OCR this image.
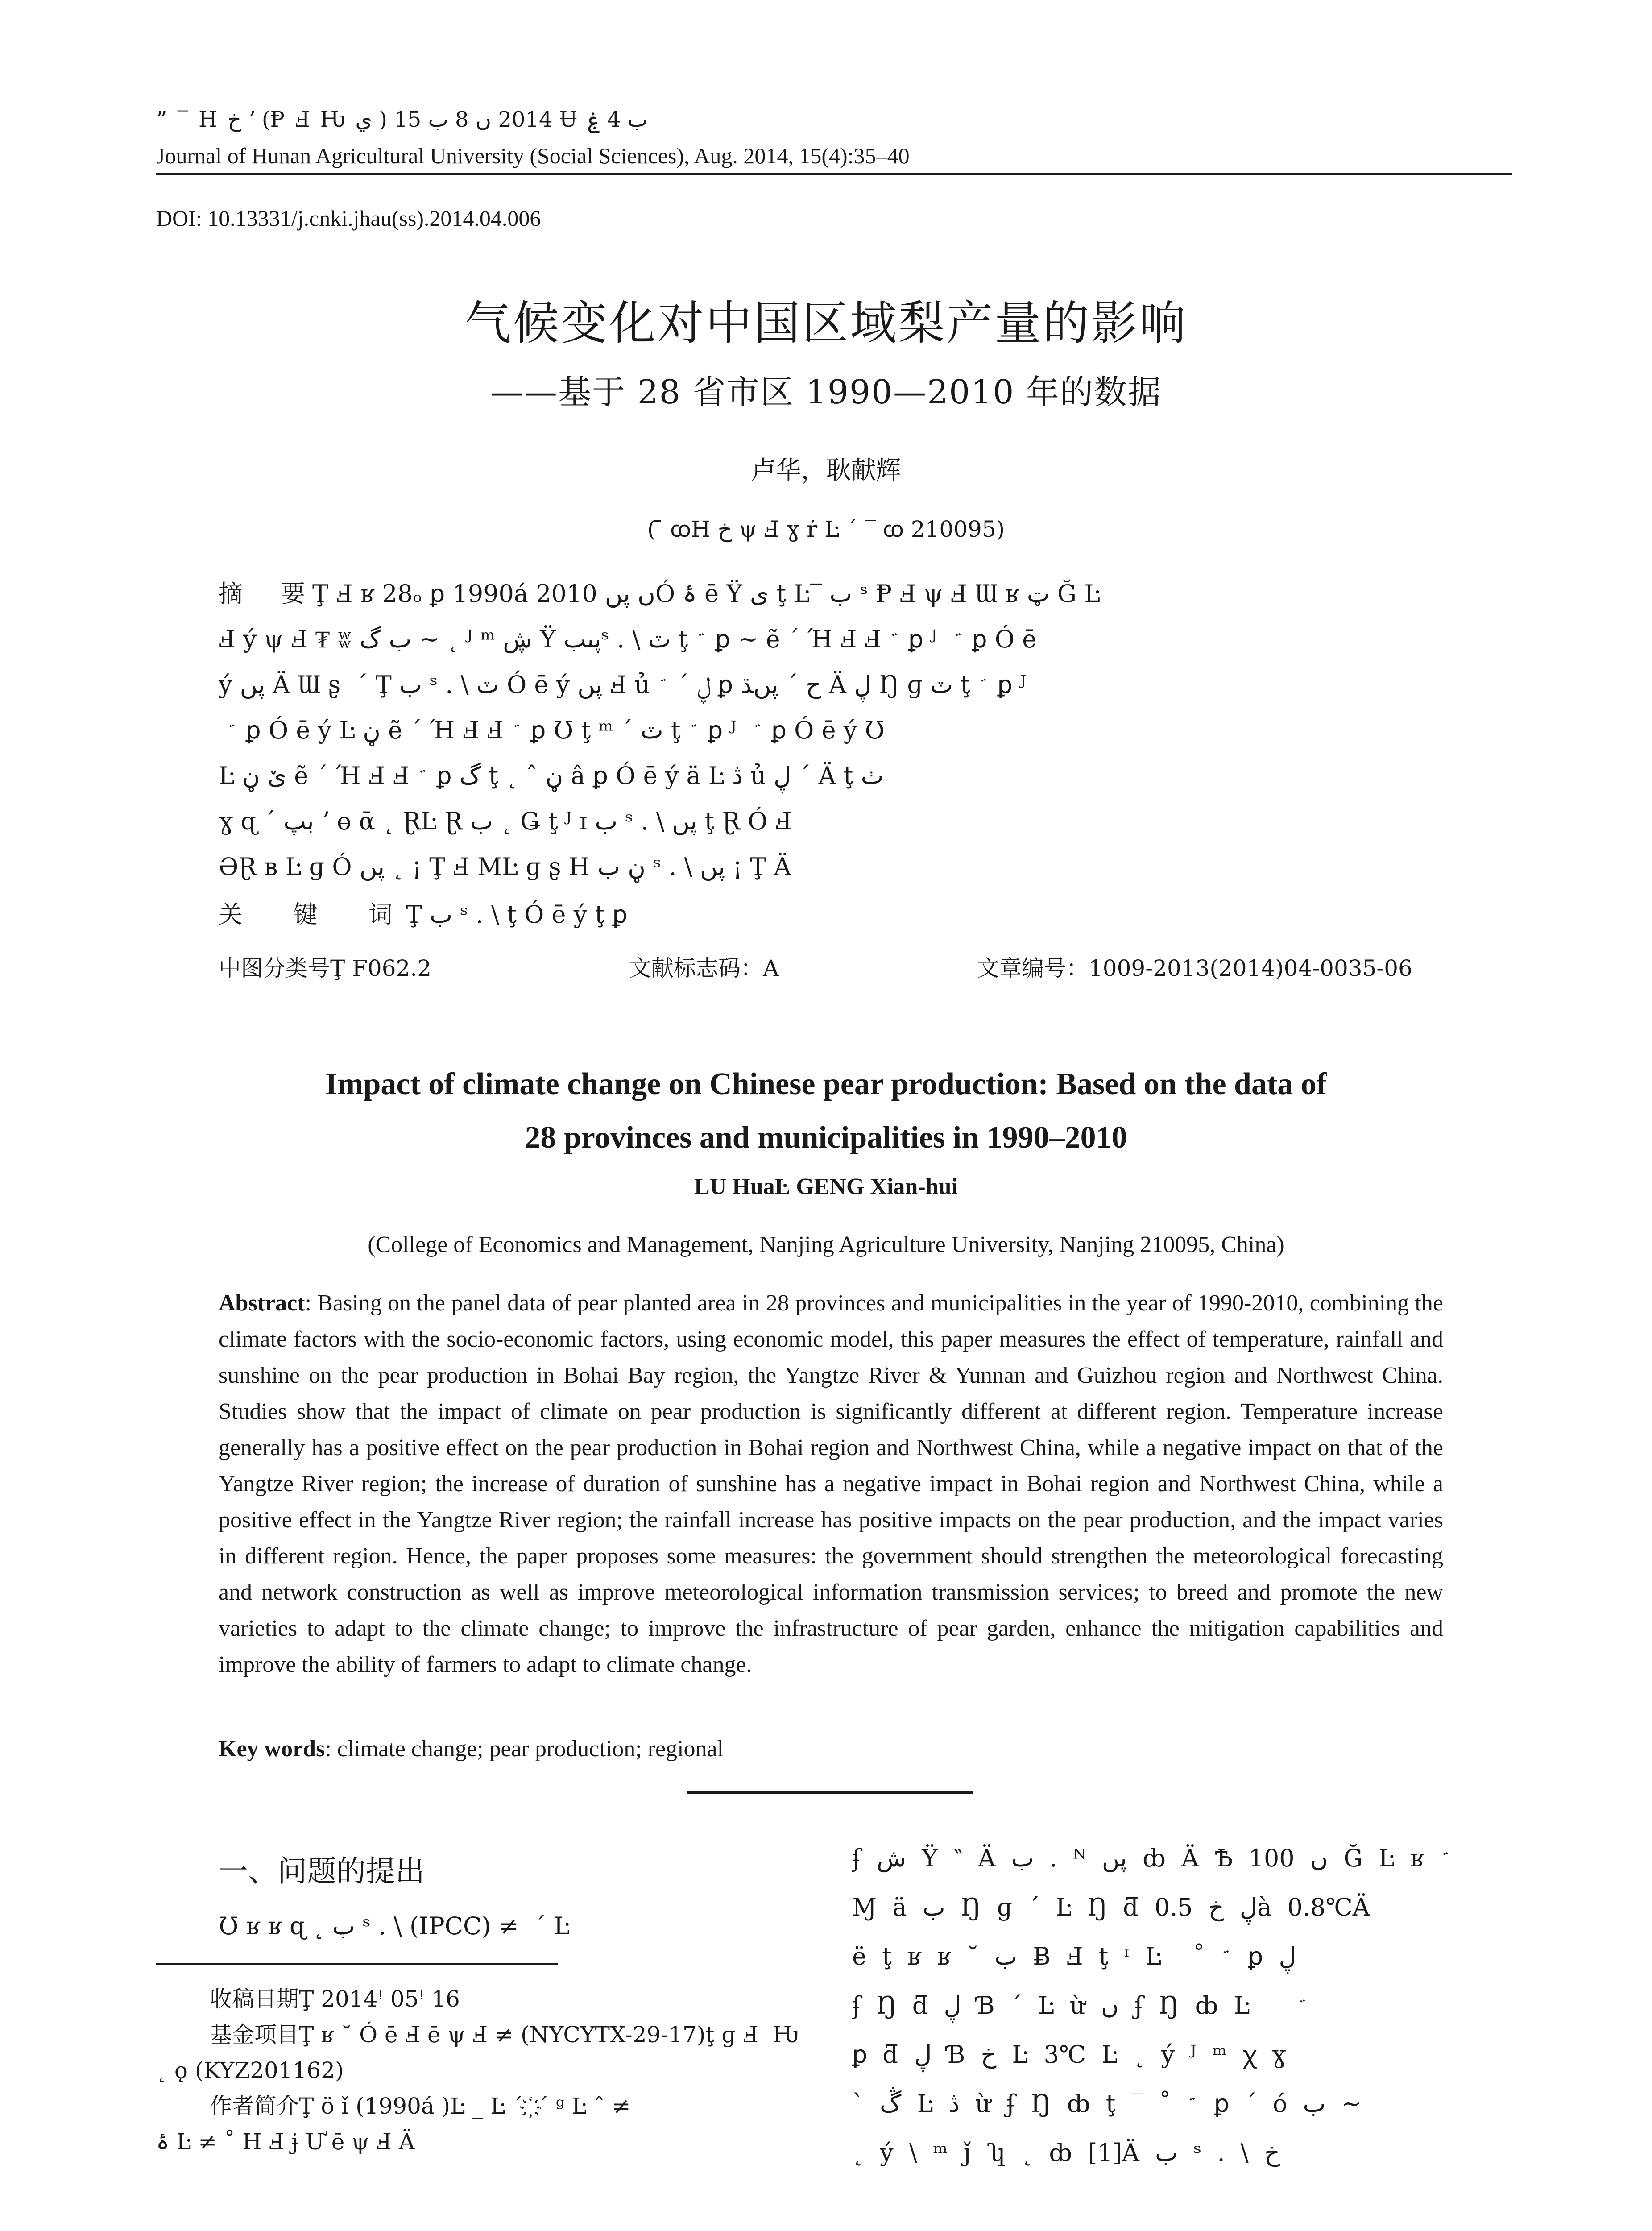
” ‾ H خ ʼ (Ᵽ Ⅎ Ƕ ي ) 2014 ں 8 ب 15 Ʉ ب 4 ۼ
Journal of Hunan Agricultural University (Social Sciences), Aug. 2014, 15(4):35–40
DOI: 10.13331/j.cnki.jhau(ss).2014.04.006
气候变化对中国区域梨产量的影响
——基于 28 省市区 1990—2010 年的数据
卢华，耿献辉
( ̄ ꭃH خ ψ Ⅎ ɣ ṙ Ŀ ˊ ‾ ꭃ 210095)
摘　要Ţ Ⅎ ʁ 28ₒ ꝑ 1990á 2010 ں پںÓ ۂ ē Ÿ ی ţ Ŀ‾ ب ˢ Ᵽ Ⅎ ψ Ⅎ Ɯ ʁ ټ Ğ Ŀ
Ⅎ ý ψ Ⅎ ₮ ʬ ب گ ~ ˛ ᴶ ᵐ ڜ Ÿ پںبˢ . \ ٽ ţ ﮴ ꝑ ~ ẽ ˊ Ή Ⅎ Ⅎ ﮴ ꝑ ᴶ ￼ ﮴ ꝑ Ó ē
ý پں Ä Ɯ ʂ ￼ ˊ Ţ ب ˢ . \ ٽ Ó ē ý پں Ⅎ ủ ڸ ˊ ﮴ ꝑ ح ˊ پںﮅ Ä ڸ Ŋ ɡ ٽ ţ ﮴ ꝑ ᴶ
￼ ﮴ ꝑ Ó ē ý Ŀ ڼ ẽ ˊ Ή Ⅎ Ⅎ ﮴ ꝑ Ʊ ţ ᵐ ˊ ٽ ţ ﮴ ꝑ ᴶ ￼ ﮴ ꝑ Ó ē ý Ʊ
Ŀ ێ ڼ ẽ ˊ Ή Ⅎ Ⅎ ﮴ ꝑ گ ţ ˛ ˆ ڼ â ꝑ Ó ē ý ä Ŀ ڎ ủ ڸ ˊ Ä ţ ٺ
ɣ ɋ ˊ بپ ʼ ɵ ᾱ ˛ ⱤĿ Ɽ ب ˛ Ǥ ţ ᴶ ɪ ب ˢ . \ پں ţ Ɽ Ó Ⅎ
ƏⱤ ʙ Ŀ ɡ Ó پں ˛ ¡ Ţ Ⅎ ⅯĿ ɡ ʂ H ڼ ب ˢ . \ پں ¡ Ţ Ä
关　键　词Ţ ب ˢ . \ ţ Ó ē ý ţ ꝑ
中图分类号Ţ F062.2	文献标志码：A	文章编号：1009-2013(2014)04-0035-06
Impact of climate change on Chinese pear production: Based on the data of
28 provinces and municipalities in 1990–2010
LU HuaĿ GENG Xian-hui
(College of Economics and Management, Nanjing Agriculture University, Nanjing 210095, China)
Abstract: Basing on the panel data of pear planted area in 28 provinces and municipalities in the year of 1990-2010, combining the climate factors with the socio-economic factors, using economic model, this paper measures the effect of temperature, rainfall and sunshine on the pear production in Bohai Bay region, the Yangtze River & Yunnan and Guizhou region and Northwest China. Studies show that the impact of climate on pear production is significantly different at different region. Temperature increase generally has a positive effect on the pear production in Bohai region and Northwest China, while a negative impact on that of the Yangtze River region; the increase of duration of sunshine has a negative impact in Bohai region and Northwest China, while a positive effect in the Yangtze River region; the rainfall increase has positive impacts on the pear production, and the impact varies in different region. Hence, the paper proposes some measures: the government should strengthen the meteorological forecasting and network construction as well as improve meteorological information transmission services; to breed and promote the new varieties to adapt to the climate change; to improve the infrastructure of pear garden, enhance the mitigation capabilities and improve the ability of farmers to adapt to climate change.
Key words: climate change; pear production; regional
一、问题的提出
Ʊ ʁ ʁ ɋ ˛ ب ˢ . \ (IPCC) ≠ ￼ ˊ Ŀ
收稿日期Ţ 2014ꜝ 05ꜝ 16
基金项目Ţ ʁ ˘ Ó ē Ⅎ ē ψ Ⅎ ≠ (NYCYTX-29-17)ţ ɡ Ⅎ ￼ Ƕ ˛ ǫ (KYZ201162)
作者简介Ţ ö ǐ (1990á )Ŀ _ Ŀ ˊ ҉ ˊ ᵍ Ŀ ˆ ≠
ۂ Ŀ ≠ ˚ H Ⅎ ɉ Ư ē ψ Ⅎ Ä
ʄ ش Ÿ ‶ Ä ب . ᴺ پں ȸ Ä Ѣ 100 ں Ğ Ŀ ʁ ﮴ ￼
Ɱ ä ب Ŋ ɡ ˊ Ŀ Ŋ ƌ ڸ خ 0.5à 0.8℃Ä
ë ţ ʁ ʁ ˘ ب Ƀ Ⅎ ţ ᶦ Ŀ ￼ ˚ ﮴ ꝑ ڸ
ʄ Ŋ ƌ ڸ Ɓ ˊ Ŀ ừ ں ʄ Ŋ ȸ Ŀ ￼ ￼ ﮴
ꝑ ƌ ڸ Ɓ خ Ŀ 3℃ Ŀ ˛ ý ᴶ ᵐ ꭓ ɣ
ˋ ڴ Ŀ ڎ ừ ʄ Ŋ ȸ ţ ‾ ˚ ﮴ ꝑ ˊ ó ب ~
˛ ý \ ᵐ ǰ ʮ ˛ ȸ [1]Ä ب ˢ . \ خ
